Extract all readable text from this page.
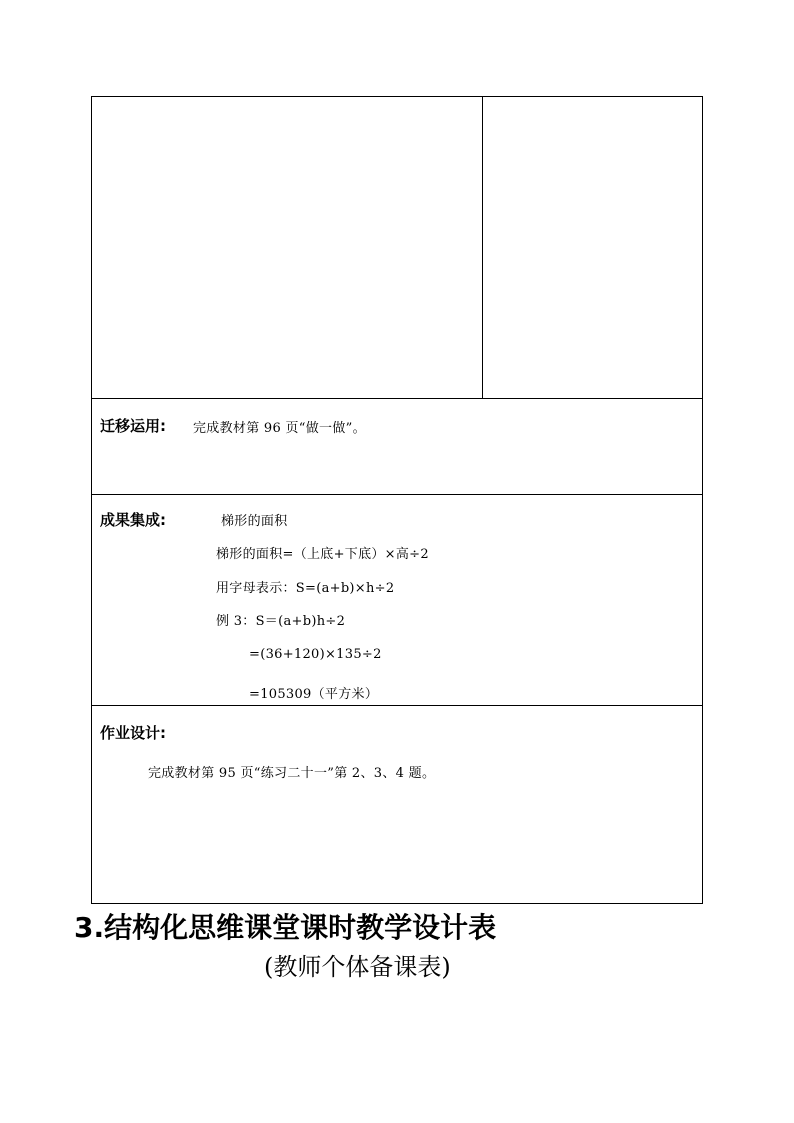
迁移运用: 完成教材第 96 页“做一做”。
成果集成:	梯形的面积
梯形的面积=（上底+下底）×高÷2
用字母表示：S=(a+b)×h÷2
例 3：S＝(a+b)h÷2
=(36+120)×135÷2
=105309（平方米）
作业设计:
完成教材第 95 页“练习二十一”第 2、3、4 题。
3.结构化思维课堂课时教学设计表
(教师个体备课表)
